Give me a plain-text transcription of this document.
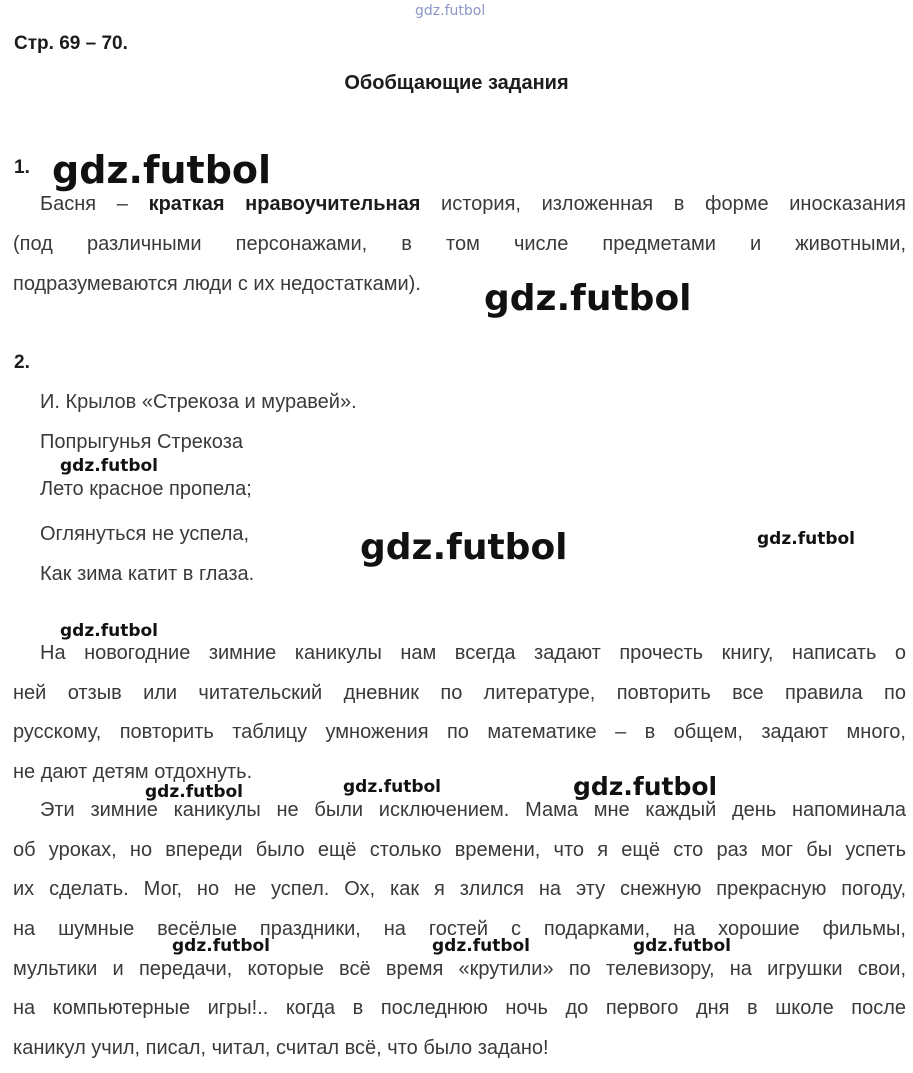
gdz.futbol
Стр. 69 – 70.
Обобщающие задания
1. gdz.futbol
Басня – краткая нравоучительная история, изложенная в форме иносказания
(под различными персонажами, в том числе предметами и животными,
подразумеваются люди с их недостатками).	gdz.futbol
2.
И. Крылов «Стрекоза и муравей».
Попрыгунья Стрекоза
gdz.futbol
Лето красное пропела;
Оглянуться не успела,	gdz.futbol	gdz.futbol
Как зима катит в глаза.
gdz.futbol
На новогодние зимние каникулы нам всегда задают прочесть книгу, написать о
ней отзыв или читательский дневник по литературе, повторить все правила по
русскому, повторить таблицу умножения по математике – в общем, задают много,
не дают детям отдохнуть.
gdz.futbol	gdz.futbol	gdz.futbol
Эти зимние каникулы не были исключением. Мама мне каждый день напоминала
об уроках, но впереди было ещё столько времени, что я ещё сто раз мог бы успеть
их сделать. Мог, но не успел. Ох, как я злился на эту снежную прекрасную погоду,
на шумные весёлые праздники, на гостей с подарками, на хорошие фильмы,
gdz.futbol	gdz.futbol	gdz.futbol
мультики и передачи, которые всё время «крутили» по телевизору, на игрушки свои,
на компьютерные игры!.. когда в последнюю ночь до первого дня в школе после
каникул учил, писал, читал, считал всё, что было задано!
